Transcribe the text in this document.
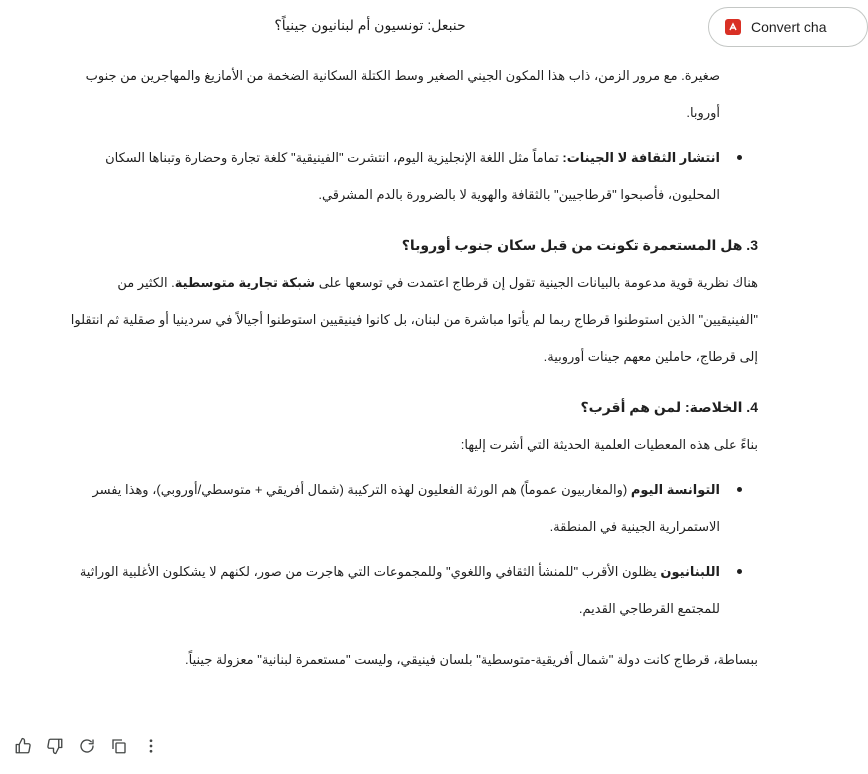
حنبعل: تونسيون أم لبنانيون جينياً؟	Convert cha

صغيرة. مع مرور الزمن، ذاب هذا المكون الجيني الصغير وسط الكتلة السكانية الضخمة من الأمازيغ والمهاجرين من جنوب

أوروبا.

انتشار الثقافة لا الجينات: تماماً مثل اللغة الإنجليزية اليوم، انتشرت "الفينيقية" كلغة تجارة وحضارة وتبناها السكان المحليون، فأصبحوا "قرطاجيين" بالثقافة والهوية لا بالضرورة بالدم المشرقي.

3. هل المستعمرة تكونت من قبل سكان جنوب أوروبا؟

هناك نظرية قوية مدعومة بالبيانات الجينية تقول إن قرطاج اعتمدت في توسعها على شبكة تجارية متوسطية. الكثير من "الفينيقيين" الذين استوطنوا قرطاج ربما لم يأتوا مباشرة من لبنان، بل كانوا فينيقيين استوطنوا أجيالاً في سردينيا أو صقلية ثم انتقلوا إلى قرطاج، حاملين معهم جينات أوروبية.

4. الخلاصة: لمن هم أقرب؟

بناءً على هذه المعطيات العلمية الحديثة التي أشرت إليها:

التوانسة اليوم (والمغاربيون عموماً) هم الورثة الفعليون لهذه التركيبة (شمال أفريقي + متوسطي/أوروبي)، وهذا يفسر الاستمرارية الجينية في المنطقة.

اللبنانيون يظلون الأقرب "للمنشأ الثقافي واللغوي" وللمجموعات التي هاجرت من صور، لكنهم لا يشكلون الأغلبية الوراثية للمجتمع القرطاجي القديم.

ببساطة، قرطاج كانت دولة "شمال أفريقية-متوسطية" بلسان فينيقي، وليست "مستعمرة لبنانية" معزولة جينياً.
